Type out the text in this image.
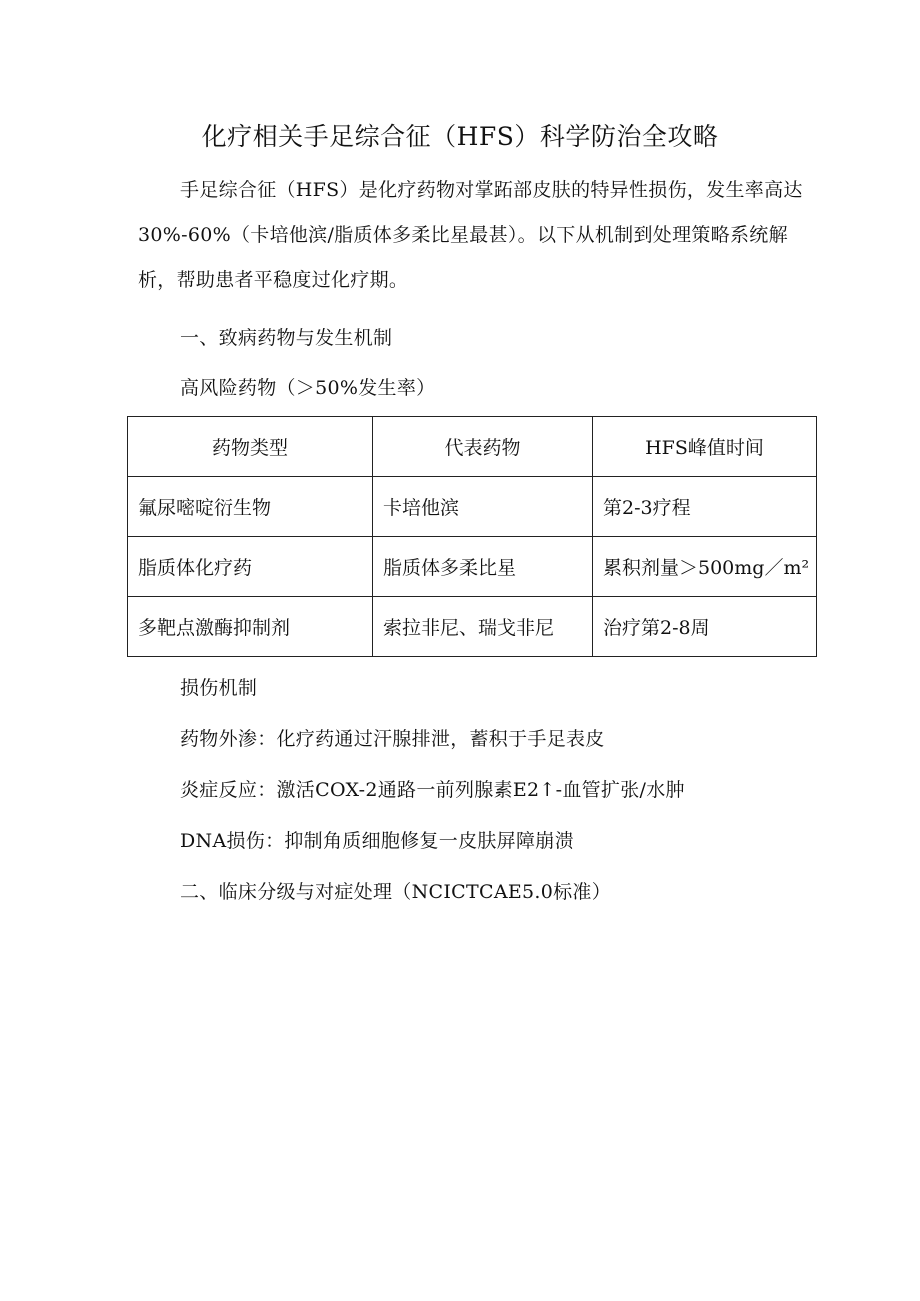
化疗相关手足综合征（HFS）科学防治全攻略
手足综合征（HFS）是化疗药物对掌跖部皮肤的特异性损伤，发生率高达30%-60%（卡培他滨/脂质体多柔比星最甚）。以下从机制到处理策略系统解析，帮助患者平稳度过化疗期。
一、致病药物与发生机制
高风险药物（＞50%发生率）
药物类型	代表药物	HFS峰值时间
氟尿嘧啶衍生物	卡培他滨	第2-3疗程
脂质体化疗药	脂质体多柔比星	累积剂量＞500mg／m²
多靶点激酶抑制剂	索拉非尼、瑞戈非尼	治疗第2-8周
损伤机制
药物外渗：化疗药通过汗腺排泄，蓄积于手足表皮
炎症反应：激活COX-2通路一前列腺素E2↑-血管扩张/水肿
DNA损伤：抑制角质细胞修复一皮肤屏障崩溃
二、临床分级与对症处理（NCICTCAE5.0标准）
